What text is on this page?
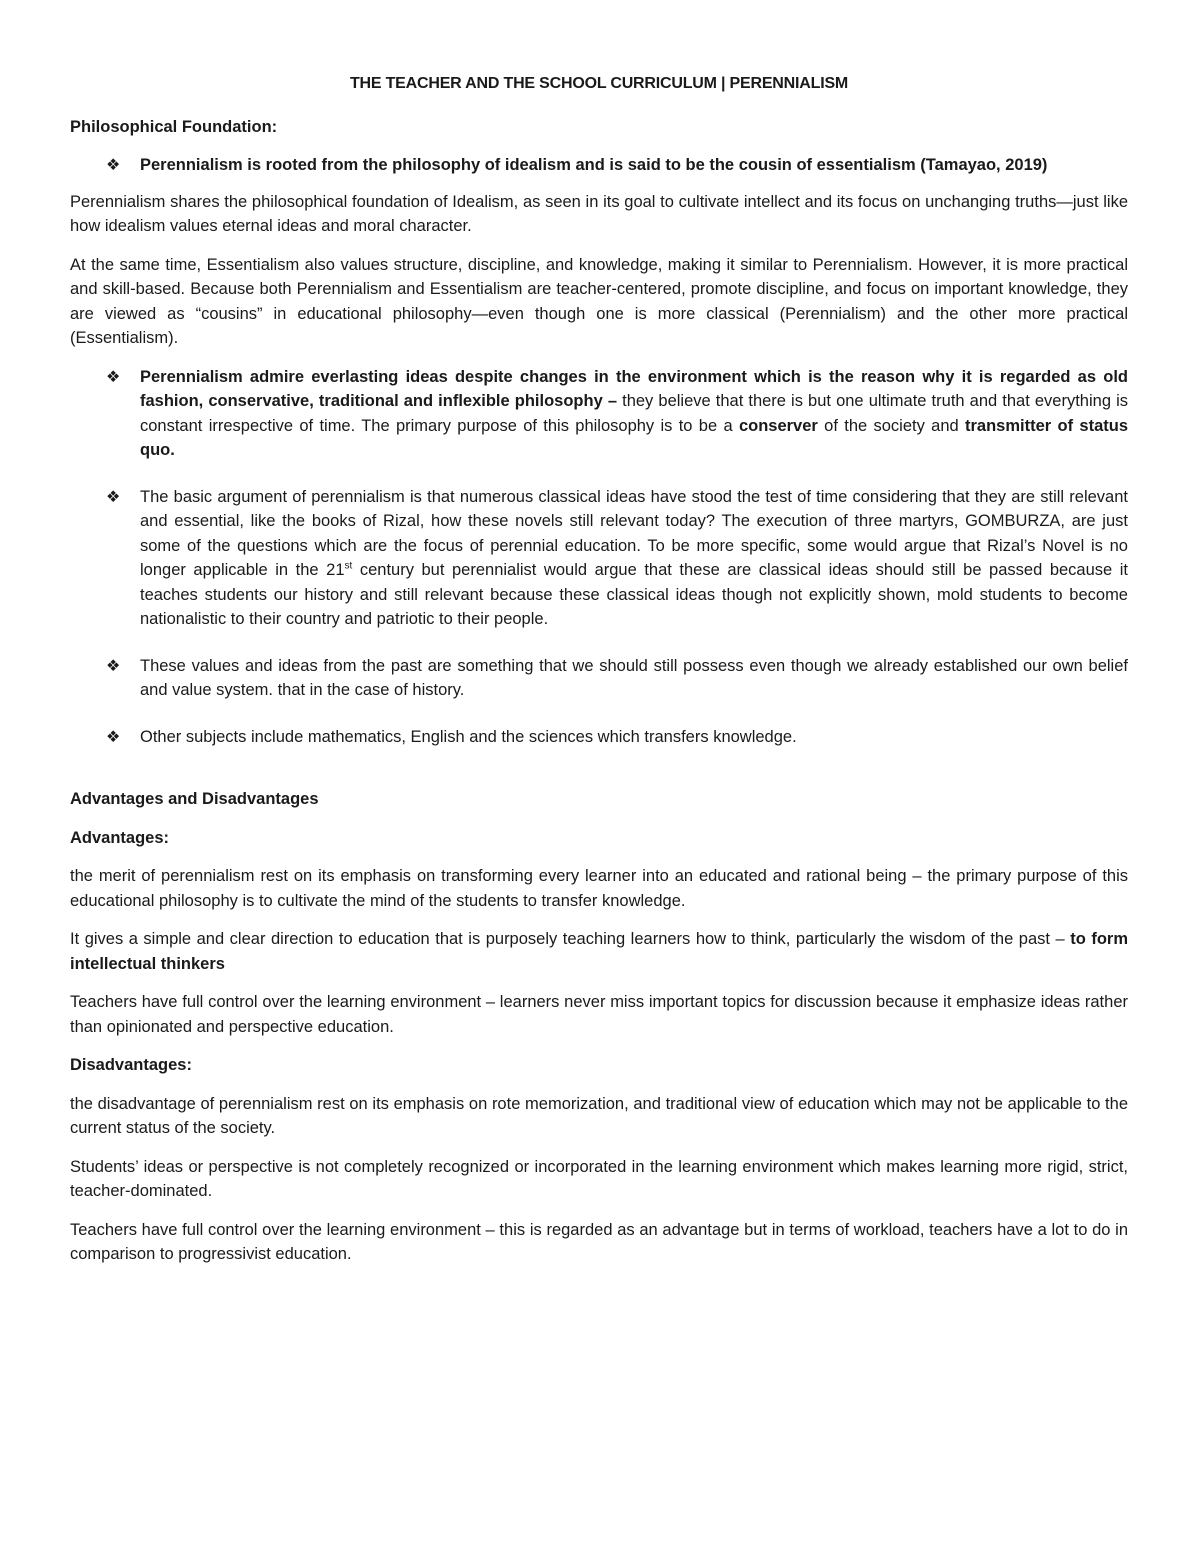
THE TEACHER AND THE SCHOOL CURRICULUM | PERENNIALISM
Philosophical Foundation:
❖	Perennialism is rooted from the philosophy of idealism and is said to be the cousin of essentialism (Tamayao, 2019)

Perennialism shares the philosophical foundation of Idealism, as seen in its goal to cultivate intellect and its focus on unchanging truths—just like how idealism values eternal ideas and moral character.

At the same time, Essentialism also values structure, discipline, and knowledge, making it similar to Perennialism. However, it is more practical and skill-based. Because both Perennialism and Essentialism are teacher-centered, promote discipline, and focus on important knowledge, they are viewed as “cousins” in educational philosophy—even though one is more classical (Perennialism) and the other more practical (Essentialism).

❖	Perennialism admire everlasting ideas despite changes in the environment which is the reason why it is regarded as old fashion, conservative, traditional and inflexible philosophy – they believe that there is but one ultimate truth and that everything is constant irrespective of time. The primary purpose of this philosophy is to be a conserver of the society and transmitter of status quo.
❖	The basic argument of perennialism is that numerous classical ideas have stood the test of time considering that they are still relevant and essential, like the books of Rizal, how these novels still relevant today? The execution of three martyrs, GOMBURZA, are just some of the questions which are the focus of perennial education. To be more specific, some would argue that Rizal’s Novel is no longer applicable in the 21st century but perennialist would argue that these are classical ideas should still be passed because it teaches students our history and still relevant because these classical ideas though not explicitly shown, mold students to become nationalistic to their country and patriotic to their people.
❖	These values and ideas from the past are something that we should still possess even though we already established our own belief and value system. that in the case of history.
❖	Other subjects include mathematics, English and the sciences which transfers knowledge.
Advantages and Disadvantages
Advantages:

the merit of perennialism rest on its emphasis on transforming every learner into an educated and rational being – the primary purpose of this educational philosophy is to cultivate the mind of the students to transfer knowledge.

It gives a simple and clear direction to education that is purposely teaching learners how to think, particularly the wisdom of the past – to form intellectual thinkers

Teachers have full control over the learning environment – learners never miss important topics for discussion because it emphasize ideas rather than opinionated and perspective education.

Disadvantages:

the disadvantage of perennialism rest on its emphasis on rote memorization, and traditional view of education which may not be applicable to the current status of the society.

Students’ ideas or perspective is not completely recognized or incorporated in the learning environment which makes learning more rigid, strict, teacher-dominated.

Teachers have full control over the learning environment – this is regarded as an advantage but in terms of workload, teachers have a lot to do in comparison to progressivist education.
